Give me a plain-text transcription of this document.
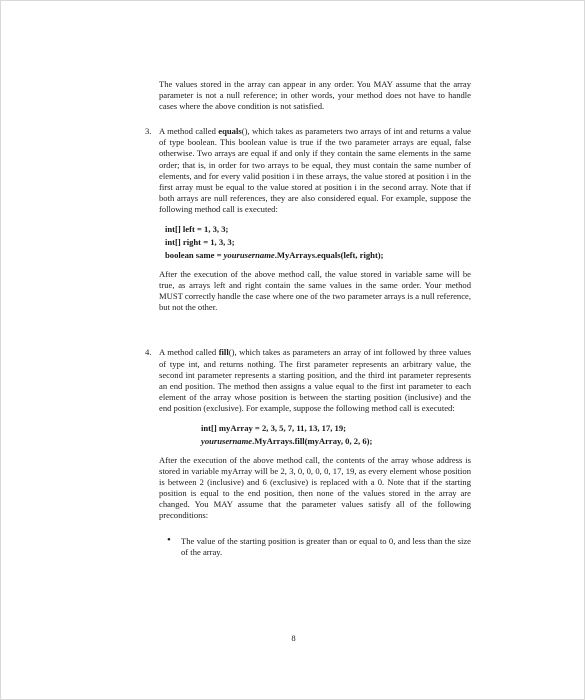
The values stored in the array can appear in any order. You MAY assume that the array parameter is not a null reference; in other words, your method does not have to handle cases where the above condition is not satisfied.

3. A method called equals(), which takes as parameters two arrays of int and returns a value of type boolean. This boolean value is true if the two parameter arrays are equal, false otherwise. Two arrays are equal if and only if they contain the same elements in the same order; that is, in order for two arrays to be equal, they must contain the same number of elements, and for every valid position i in these arrays, the value stored at position i in the first array must be equal to the value stored at position i in the second array. Note that if both arrays are null references, they are also considered equal. For example, suppose the following method call is executed:

int[] left = 1, 3, 3;
int[] right = 1, 3, 3;
boolean same = yourusername.MyArrays.equals(left, right);

After the execution of the above method call, the value stored in variable same will be true, as arrays left and right contain the same values in the same order. Your method MUST correctly handle the case where one of the two parameter arrays is a null reference, but not the other.

4. A method called fill(), which takes as parameters an array of int followed by three values of type int, and returns nothing. The first parameter represents an arbitrary value, the second int parameter represents a starting position, and the third int parameter represents an end position. The method then assigns a value equal to the first int parameter to each element of the array whose position is between the starting position (inclusive) and the end position (exclusive). For example, suppose the following method call is executed:

int[] myArray = 2, 3, 5, 7, 11, 13, 17, 19;
yourusername.MyArrays.fill(myArray, 0, 2, 6);

After the execution of the above method call, the contents of the array whose address is stored in variable myArray will be 2, 3, 0, 0, 0, 0, 17, 19, as every element whose position is between 2 (inclusive) and 6 (exclusive) is replaced with a 0. Note that if the starting position is equal to the end position, then none of the values stored in the array are changed. You MAY assume that the parameter values satisfy all of the following preconditions:

• The value of the starting position is greater than or equal to 0, and less than the size of the array.

8
